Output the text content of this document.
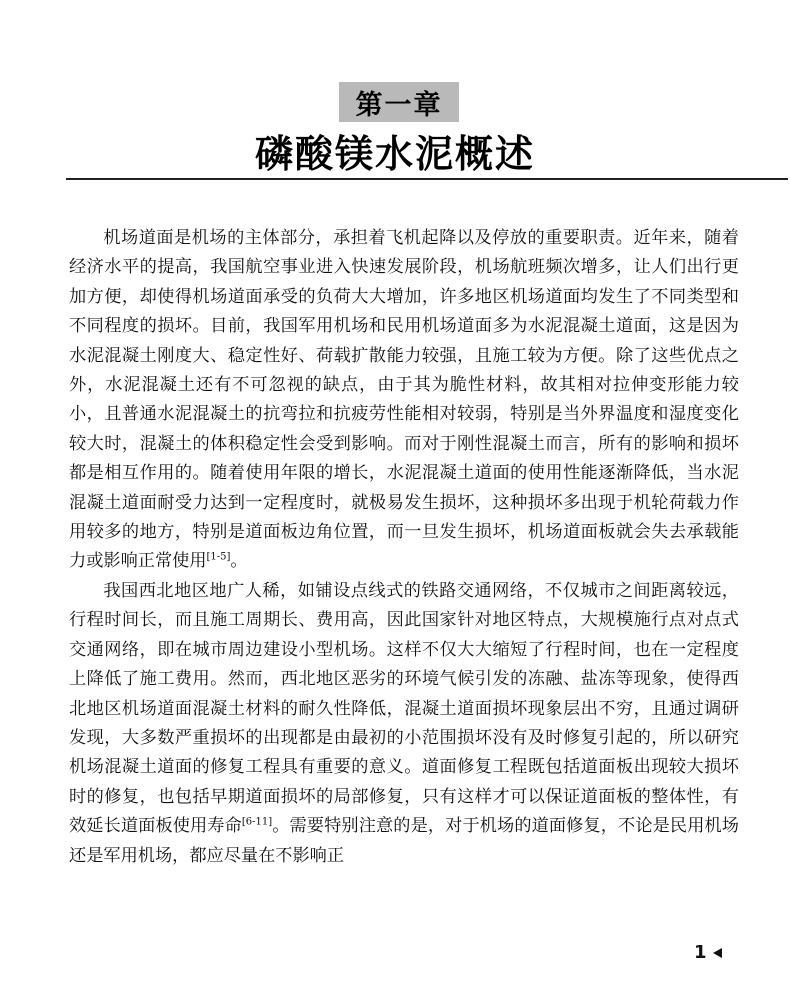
第一章
磷酸镁水泥概述

机场道面是机场的主体部分，承担着飞机起降以及停放的重要职责。近年来，随着经济水平的提高，我国航空事业进入快速发展阶段，机场航班频次增多，让人们出行更加方便，却使得机场道面承受的负荷大大增加，许多地区机场道面均发生了不同类型和不同程度的损坏。目前，我国军用机场和民用机场道面多为水泥混凝土道面，这是因为水泥混凝土刚度大、稳定性好、荷载扩散能力较强，且施工较为方便。除了这些优点之外，水泥混凝土还有不可忽视的缺点，由于其为脆性材料，故其相对拉伸变形能力较小，且普通水泥混凝土的抗弯拉和抗疲劳性能相对较弱，特别是当外界温度和湿度变化较大时，混凝土的体积稳定性会受到影响。而对于刚性混凝土而言，所有的影响和损坏都是相互作用的。随着使用年限的增长，水泥混凝土道面的使用性能逐渐降低，当水泥混凝土道面耐受力达到一定程度时，就极易发生损坏，这种损坏多出现于机轮荷载力作用较多的地方，特别是道面板边角位置，而一旦发生损坏，机场道面板就会失去承载能力或影响正常使用[1-5]。

我国西北地区地广人稀，如铺设点线式的铁路交通网络，不仅城市之间距离较远，行程时间长，而且施工周期长、费用高，因此国家针对地区特点，大规模施行点对点式交通网络，即在城市周边建设小型机场。这样不仅大大缩短了行程时间，也在一定程度上降低了施工费用。然而，西北地区恶劣的环境气候引发的冻融、盐冻等现象，使得西北地区机场道面混凝土材料的耐久性降低，混凝土道面损坏现象层出不穷，且通过调研发现，大多数严重损坏的出现都是由最初的小范围损坏没有及时修复引起的，所以研究机场混凝土道面的修复工程具有重要的意义。道面修复工程既包括道面板出现较大损坏时的修复，也包括早期道面损坏的局部修复，只有这样才可以保证道面板的整体性，有效延长道面板使用寿命[6-11]。需要特别注意的是，对于机场的道面修复，不论是民用机场还是军用机场，都应尽量在不影响正

1
